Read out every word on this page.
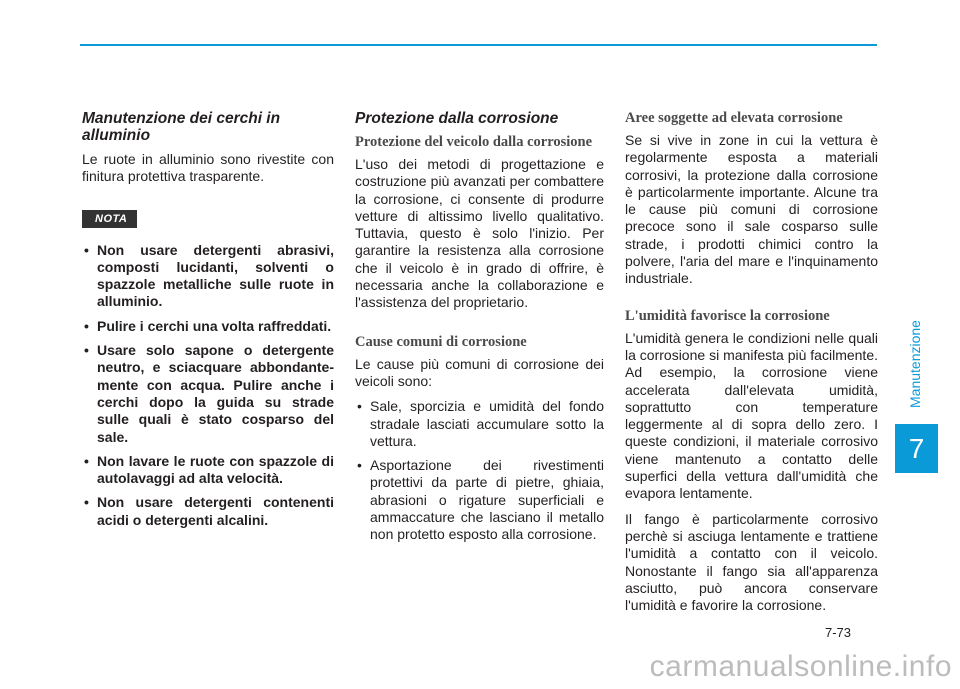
Manutenzione dei cerchi in alluminio

Le ruote in alluminio sono rivestite con finitura protettiva trasparente.

NOTA
• Non usare detergenti abrasivi, composti lucidanti, solventi o spazzole metalliche sulle ruote in alluminio.
• Pulire i cerchi una volta raffreddati.
• Usare solo sapone o detergente neutro, e sciacquare abbondante-mente con acqua. Pulire anche i cerchi dopo la guida su strade sulle quali è stato cosparso del sale.
• Non lavare le ruote con spazzole di autolavaggi ad alta velocità.
• Non usare detergenti contenenti acidi o detergenti alcalini.
Protezione dalla corrosione
Protezione del veicolo dalla corrosione

L'uso dei metodi di progettazione e costruzione più avanzati per combattere la corrosione, ci consente di produrre vetture di altissimo livello qualitativo. Tuttavia, questo è solo l'inizio. Per garantire la resistenza alla corrosione che il veicolo è in grado di offrire, è necessaria anche la collaborazione e l'assistenza del proprietario.

Cause comuni di corrosione

Le cause più comuni di corrosione dei veicoli sono:

• Sale, sporcizia e umidità del fondo stradale lasciati accumulare sotto la vettura.
• Asportazione dei rivestimenti protettivi da parte di pietre, ghiaia, abrasioni o rigature superficiali e ammaccature che lasciano il metallo non protetto esposto alla corrosione.
Aree soggette ad elevata corrosione

Se si vive in zone in cui la vettura è regolarmente esposta a materiali corrosivi, la protezione dalla corrosione è particolarmente importante. Alcune tra le cause più comuni di corrosione precoce sono il sale cosparso sulle strade, i prodotti chimici contro la polvere, l'aria del mare e l'inquinamento industriale.

L'umidità favorisce la corrosione

L'umidità genera le condizioni nelle quali la corrosione si manifesta più facilmente. Ad esempio, la corrosione viene accelerata dall'elevata umidità, soprattutto con temperature leggermente al di sopra dello zero. I queste condizioni, il materiale corrosivo viene mantenuto a contatto delle superfici della vettura dall'umidità che evapora lentamente.

Il fango è particolarmente corrosivo perchè si asciuga lentamente e trattiene l'umidità a contatto con il veicolo. Nonostante il fango sia all'apparenza asciutto, può ancora conservare l'umidità e favorire la corrosione.

Manutenzione
7
7-73
carmanualsonline.info
